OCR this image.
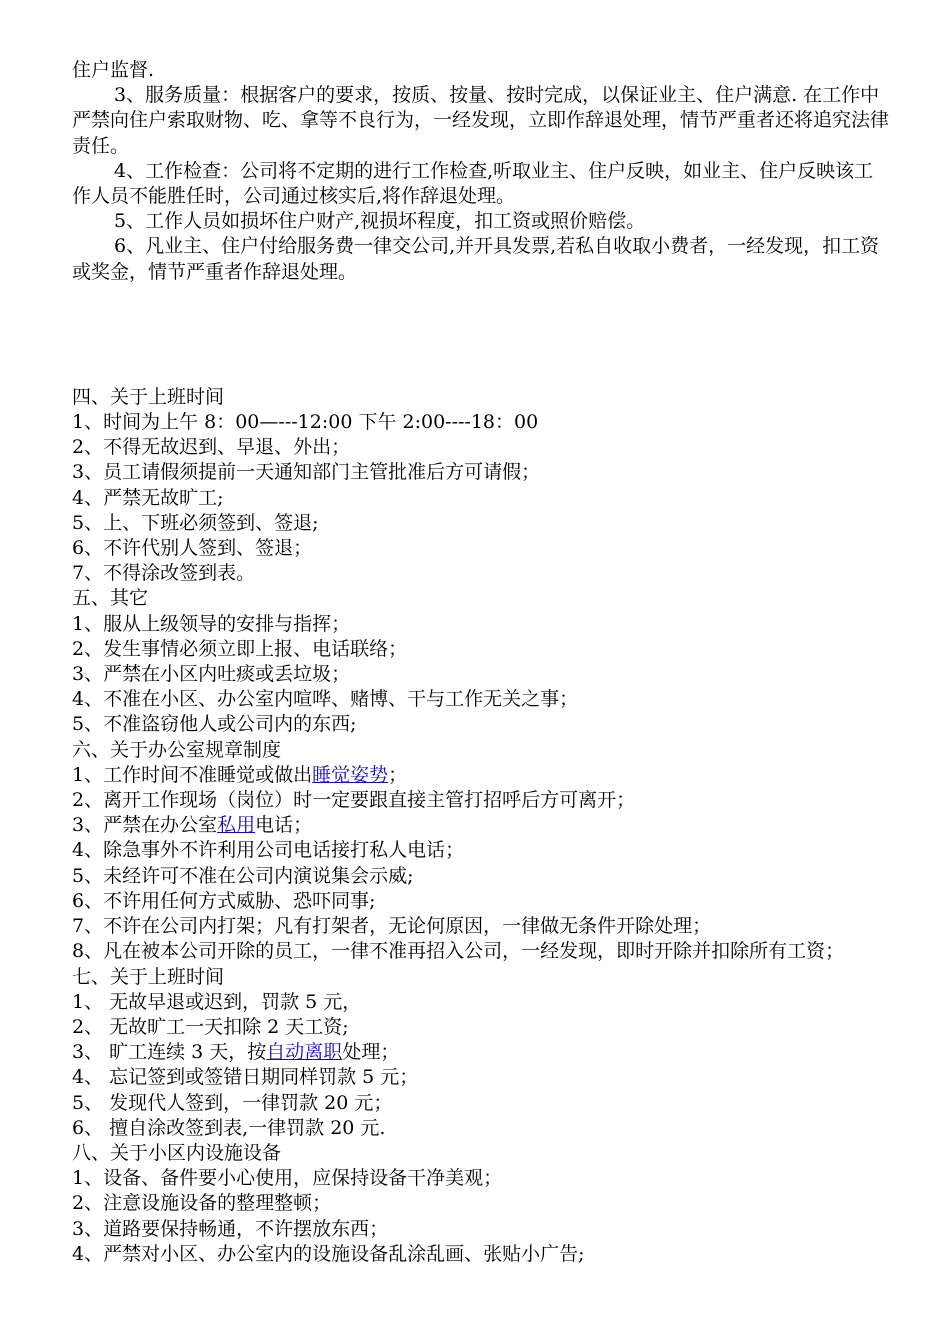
住户监督.

3、服务质量：根据客户的要求，按质、按量、按时完成，以保证业主、住户满意. 在工作中严禁向住户索取财物、吃、拿等不良行为，一经发现，立即作辞退处理，情节严重者还将追究法律责任。

4、工作检查：公司将不定期的进行工作检查,听取业主、住户反映，如业主、住户反映该工作人员不能胜任时，公司通过核实后,将作辞退处理。

5、工作人员如损坏住户财产,视损坏程度，扣工资或照价赔偿。

6、凡业主、住户付给服务费一律交公司,并开具发票,若私自收取小费者，一经发现，扣工资或奖金，情节严重者作辞退处理。

四、关于上班时间

1、时间为上午 8：00—---12:00 下午 2:00----18：00

2、不得无故迟到、早退、外出；

3、员工请假须提前一天通知部门主管批准后方可请假；

4、严禁无故旷工;

5、上、下班必须签到、签退;

6、不许代别人签到、签退；

7、不得涂改签到表。

五、其它

1、服从上级领导的安排与指挥；

2、发生事情必须立即上报、电话联络；

3、严禁在小区内吐痰或丢垃圾；

4、不准在小区、办公室内喧哗、赌博、干与工作无关之事；

5、不准盗窃他人或公司内的东西;

六、关于办公室规章制度

1、工作时间不准睡觉或做出睡觉姿势；

2、离开工作现场（岗位）时一定要跟直接主管打招呼后方可离开；

3、严禁在办公室私用电话；

4、除急事外不许利用公司电话接打私人电话；

5、未经许可不准在公司内演说集会示威;

6、不许用任何方式威胁、恐吓同事;

7、不许在公司内打架；凡有打架者，无论何原因，一律做无条件开除处理；

8、凡在被本公司开除的员工，一律不准再招入公司，一经发现，即时开除并扣除所有工资；

七、关于上班时间

1、 无故早退或迟到，罚款 5 元，

2、 无故旷工一天扣除 2 天工资;

3、 旷工连续 3 天，按自动离职处理；

4、 忘记签到或签错日期同样罚款 5 元；

5、 发现代人签到，一律罚款 20 元；

6、 擅自涂改签到表,一律罚款 20 元.

八、关于小区内设施设备

1、设备、备件要小心使用，应保持设备干净美观；

2、注意设施设备的整理整顿；

3、道路要保持畅通，不许摆放东西；

4、严禁对小区、办公室内的设施设备乱涂乱画、张贴小广告;
